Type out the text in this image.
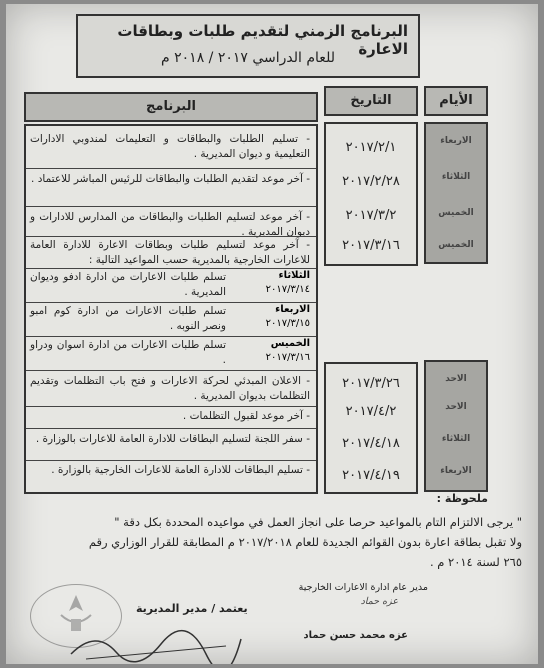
البرنامج الزمني لتقديم طلبات وبطاقات الاعارة
للعام الدراسي ٢٠١٧ / ٢٠١٨ م
الأيام
التاريخ
البرنامج
الاربعاء
الثلاثاء
الخميس
الخميس
الاحد
الاحد
الثلاثاء
الاربعاء
٢٠١٧/٢/١
٢٠١٧/٢/٢٨
٢٠١٧/٣/٢
٢٠١٧/٣/١٦
٢٠١٧/٣/٢٦
٢٠١٧/٤/٢
٢٠١٧/٤/١٨
٢٠١٧/٤/١٩
- تسليم الطلبات والبطاقات و التعليمات لمندوبي الادارات التعليمية و ديوان المديرية .
- آخر موعد لتقديم الطلبات والبطاقات للرئيس المباشر للاعتماد .
- آخر موعد لتسليم الطلبات والبطاقات من المدارس للادارات و ديوان المديرية .
- آخر موعد لتسليم طلبات وبطاقات الاعارة للادارة العامة للاعارات الخارجية بالمديرية حسب المواعيد التالية :
الثلاثاء
٢٠١٧/٣/١٤
تسلم طلبات الاعارات من ادارة ادفو وديوان المديرية .
الاربعاء
٢٠١٧/٣/١٥
تسلم طلبات الاعارات من ادارة كوم امبو ونصر النوبه .
الخميس
٢٠١٧/٣/١٦
تسلم طلبات الاعارات من ادارة اسوان ودراو .
- الاعلان المبدئي لحركة الاعارات و فتح باب التظلمات وتقديم التظلمات بديوان المديرية .
- آخر موعد لقبول التظلمات .
- سفر اللجنة لتسليم البطاقات للادارة العامة للاعارات بالوزارة .
- تسليم البطاقات للادارة العامة للاعارات الخارجية بالوزارة .
ملحوظة :
" يرجى الالتزام التام بالمواعيد حرصا على انجاز العمل في مواعيده المحددة بكل دقة "
ولا تقبل بطاقة اعارة بدون القوائم الجديدة للعام ٢٠١٧/٢٠١٨ م المطابقة للقرار الوزاري رقم
٢٦٥ لسنة ٢٠١٤ م .
مدير عام ادارة الاعارات الخارجية
عزه حماد
عزه محمد حسن حماد
يعتمد / مدير المديرية
